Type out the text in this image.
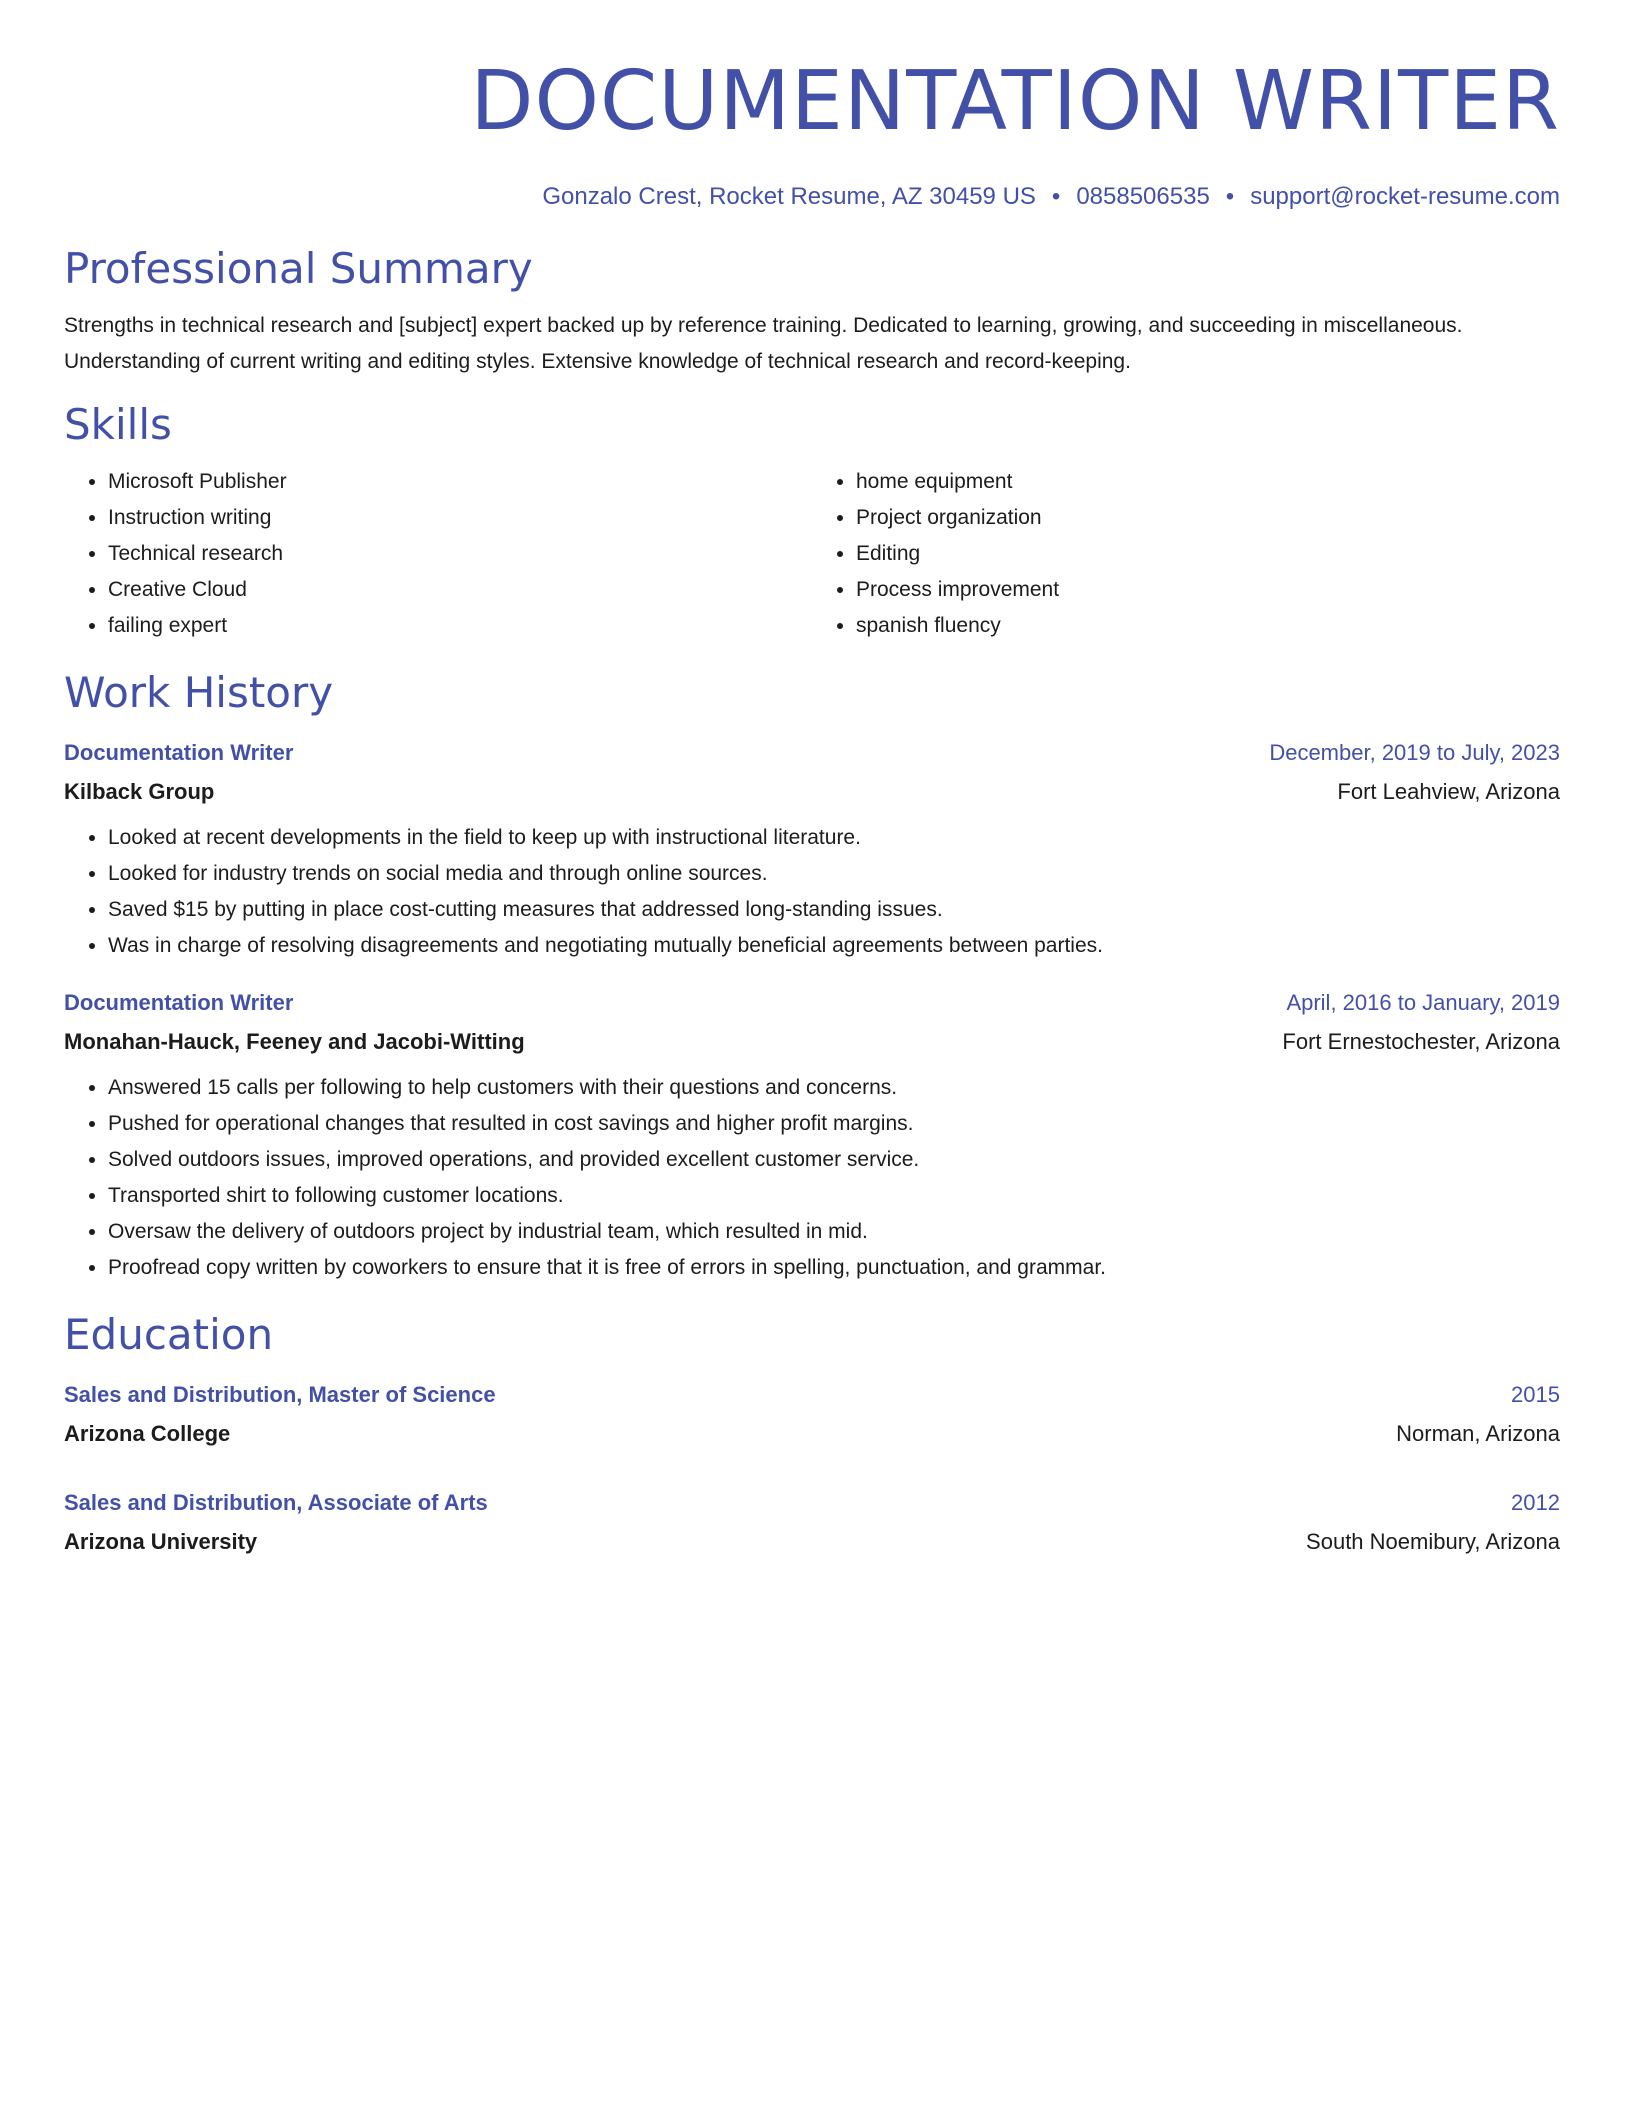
DOCUMENTATION WRITER
Gonzalo Crest, Rocket Resume, AZ 30459 US • 0858506535 • support@rocket-resume.com
Professional Summary

Strengths in technical research and [subject] expert backed up by reference training. Dedicated to learning, growing, and succeeding in miscellaneous. Understanding of current writing and editing styles. Extensive knowledge of technical research and record-keeping.

Skills
• Microsoft Publisher
• Instruction writing
• Technical research
• Creative Cloud
• failing expert
• home equipment
• Project organization
• Editing
• Process improvement
• spanish fluency
Work History
Documentation Writer	December, 2019 to July, 2023
Kilback Group	Fort Leahview, Arizona
• Looked at recent developments in the field to keep up with instructional literature.
• Looked for industry trends on social media and through online sources.
• Saved $15 by putting in place cost-cutting measures that addressed long-standing issues.
• Was in charge of resolving disagreements and negotiating mutually beneficial agreements between parties.
Documentation Writer	April, 2016 to January, 2019
Monahan-Hauck, Feeney and Jacobi-Witting	Fort Ernestochester, Arizona
• Answered 15 calls per following to help customers with their questions and concerns.
• Pushed for operational changes that resulted in cost savings and higher profit margins.
• Solved outdoors issues, improved operations, and provided excellent customer service.
• Transported shirt to following customer locations.
• Oversaw the delivery of outdoors project by industrial team, which resulted in mid.
• Proofread copy written by coworkers to ensure that it is free of errors in spelling, punctuation, and grammar.
Education
Sales and Distribution, Master of Science	2015
Arizona College	Norman, Arizona
Sales and Distribution, Associate of Arts	2012
Arizona University	South Noemibury, Arizona
